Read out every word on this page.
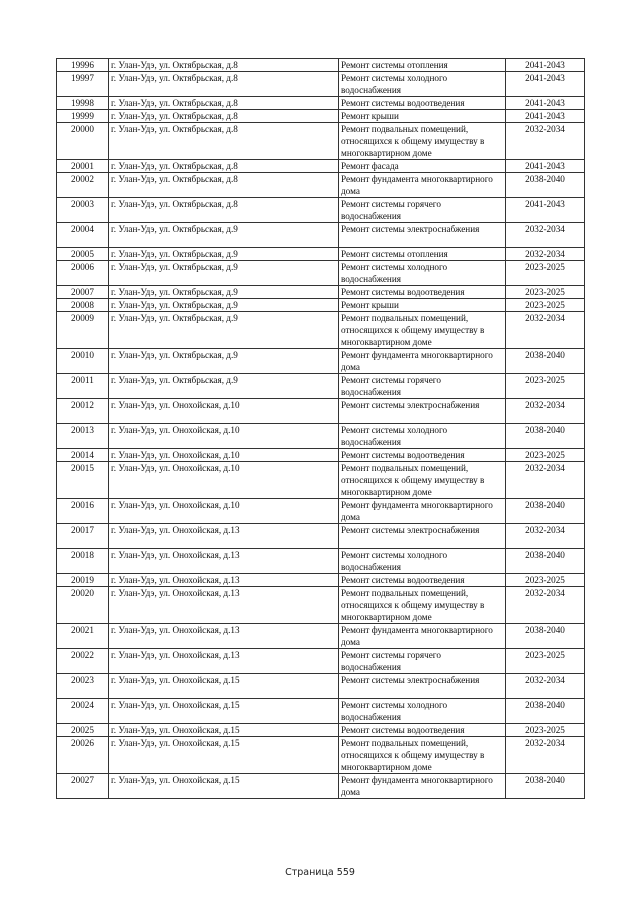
19996	г. Улан-Удэ, ул. Октябрьская, д.8	Ремонт системы отопления	2041-2043
19997	г. Улан-Удэ, ул. Октябрьская, д.8	Ремонт системы холодного водоснабжения	2041-2043
19998	г. Улан-Удэ, ул. Октябрьская, д.8	Ремонт системы водоотведения	2041-2043
19999	г. Улан-Удэ, ул. Октябрьская, д.8	Ремонт крыши	2041-2043
20000	г. Улан-Удэ, ул. Октябрьская, д.8	Ремонт подвальных помещений, относящихся к общему имуществу в многоквартирном доме	2032-2034
20001	г. Улан-Удэ, ул. Октябрьская, д.8	Ремонт фасада	2041-2043
20002	г. Улан-Удэ, ул. Октябрьская, д.8	Ремонт фундамента многоквартирного дома	2038-2040
20003	г. Улан-Удэ, ул. Октябрьская, д.8	Ремонт системы горячего водоснабжения	2041-2043
20004	г. Улан-Удэ, ул. Октябрьская, д.9	Ремонт системы электроснабжения	2032-2034
20005	г. Улан-Удэ, ул. Октябрьская, д.9	Ремонт системы отопления	2032-2034
20006	г. Улан-Удэ, ул. Октябрьская, д.9	Ремонт системы холодного водоснабжения	2023-2025
20007	г. Улан-Удэ, ул. Октябрьская, д.9	Ремонт системы водоотведения	2023-2025
20008	г. Улан-Удэ, ул. Октябрьская, д.9	Ремонт крыши	2023-2025
20009	г. Улан-Удэ, ул. Октябрьская, д.9	Ремонт подвальных помещений, относящихся к общему имуществу в многоквартирном доме	2032-2034
20010	г. Улан-Удэ, ул. Октябрьская, д.9	Ремонт фундамента многоквартирного дома	2038-2040
20011	г. Улан-Удэ, ул. Октябрьская, д.9	Ремонт системы горячего водоснабжения	2023-2025
20012	г. Улан-Удэ, ул. Онохойская, д.10	Ремонт системы электроснабжения	2032-2034
20013	г. Улан-Удэ, ул. Онохойская, д.10	Ремонт системы холодного водоснабжения	2038-2040
20014	г. Улан-Удэ, ул. Онохойская, д.10	Ремонт системы водоотведения	2023-2025
20015	г. Улан-Удэ, ул. Онохойская, д.10	Ремонт подвальных помещений, относящихся к общему имуществу в многоквартирном доме	2032-2034
20016	г. Улан-Удэ, ул. Онохойская, д.10	Ремонт фундамента многоквартирного дома	2038-2040
20017	г. Улан-Удэ, ул. Онохойская, д.13	Ремонт системы электроснабжения	2032-2034
20018	г. Улан-Удэ, ул. Онохойская, д.13	Ремонт системы холодного водоснабжения	2038-2040
20019	г. Улан-Удэ, ул. Онохойская, д.13	Ремонт системы водоотведения	2023-2025
20020	г. Улан-Удэ, ул. Онохойская, д.13	Ремонт подвальных помещений, относящихся к общему имуществу в многоквартирном доме	2032-2034
20021	г. Улан-Удэ, ул. Онохойская, д.13	Ремонт фундамента многоквартирного дома	2038-2040
20022	г. Улан-Удэ, ул. Онохойская, д.13	Ремонт системы горячего водоснабжения	2023-2025
20023	г. Улан-Удэ, ул. Онохойская, д.15	Ремонт системы электроснабжения	2032-2034
20024	г. Улан-Удэ, ул. Онохойская, д.15	Ремонт системы холодного водоснабжения	2038-2040
20025	г. Улан-Удэ, ул. Онохойская, д.15	Ремонт системы водоотведения	2023-2025
20026	г. Улан-Удэ, ул. Онохойская, д.15	Ремонт подвальных помещений, относящихся к общему имуществу в многоквартирном доме	2032-2034
20027	г. Улан-Удэ, ул. Онохойская, д.15	Ремонт фундамента многоквартирного дома	2038-2040
Страница 559
